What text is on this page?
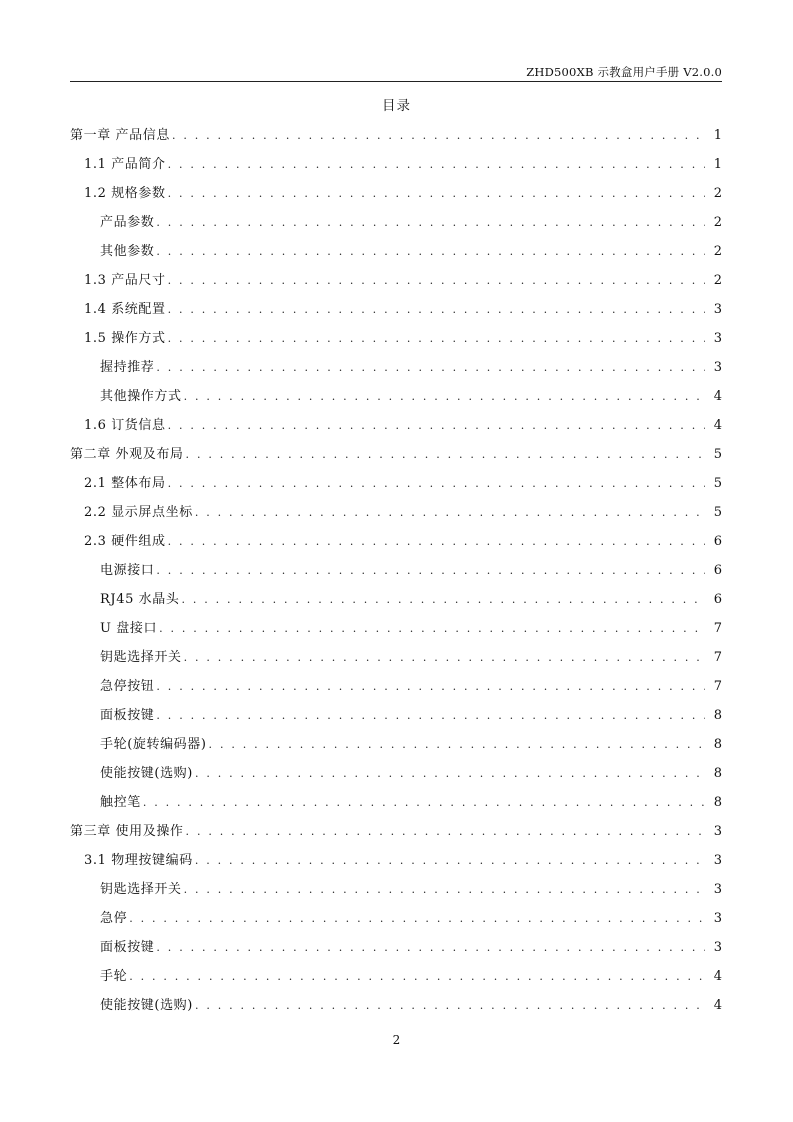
ZHD500XB 示教盒用户手册 V2.0.0
目录
第一章 产品信息 . . .	1
1.1 产品简介 . . .	1
1.2 规格参数 . . .	2
产品参数 . . .	2
其他参数 . . .	2
1.3 产品尺寸 . . .	2
1.4 系统配置 . . .	3
1.5 操作方式 . . .	3
握持推荐 . . .	3
其他操作方式 . . .	4
1.6 订货信息 . . .	4
第二章 外观及布局 . . .	5
2.1 整体布局 . . .	5
2.2 显示屏点坐标 . . .	5
2.3 硬件组成 . . .	6
电源接口 . . .	6
RJ45 水晶头 . . .	6
U 盘接口 . . .	7
钥匙选择开关 . . .	7
急停按钮 . . .	7
面板按键 . . .	8
手轮(旋转编码器) . . .	8
使能按键(选购) . . .	8
触控笔 . . .	8
第三章 使用及操作 . . .	3
3.1 物理按键编码 . . .	3
钥匙选择开关 . . .	3
急停 . . .	3
面板按键 . . .	3
手轮 . . .	4
使能按键(选购) . . .	4
2
